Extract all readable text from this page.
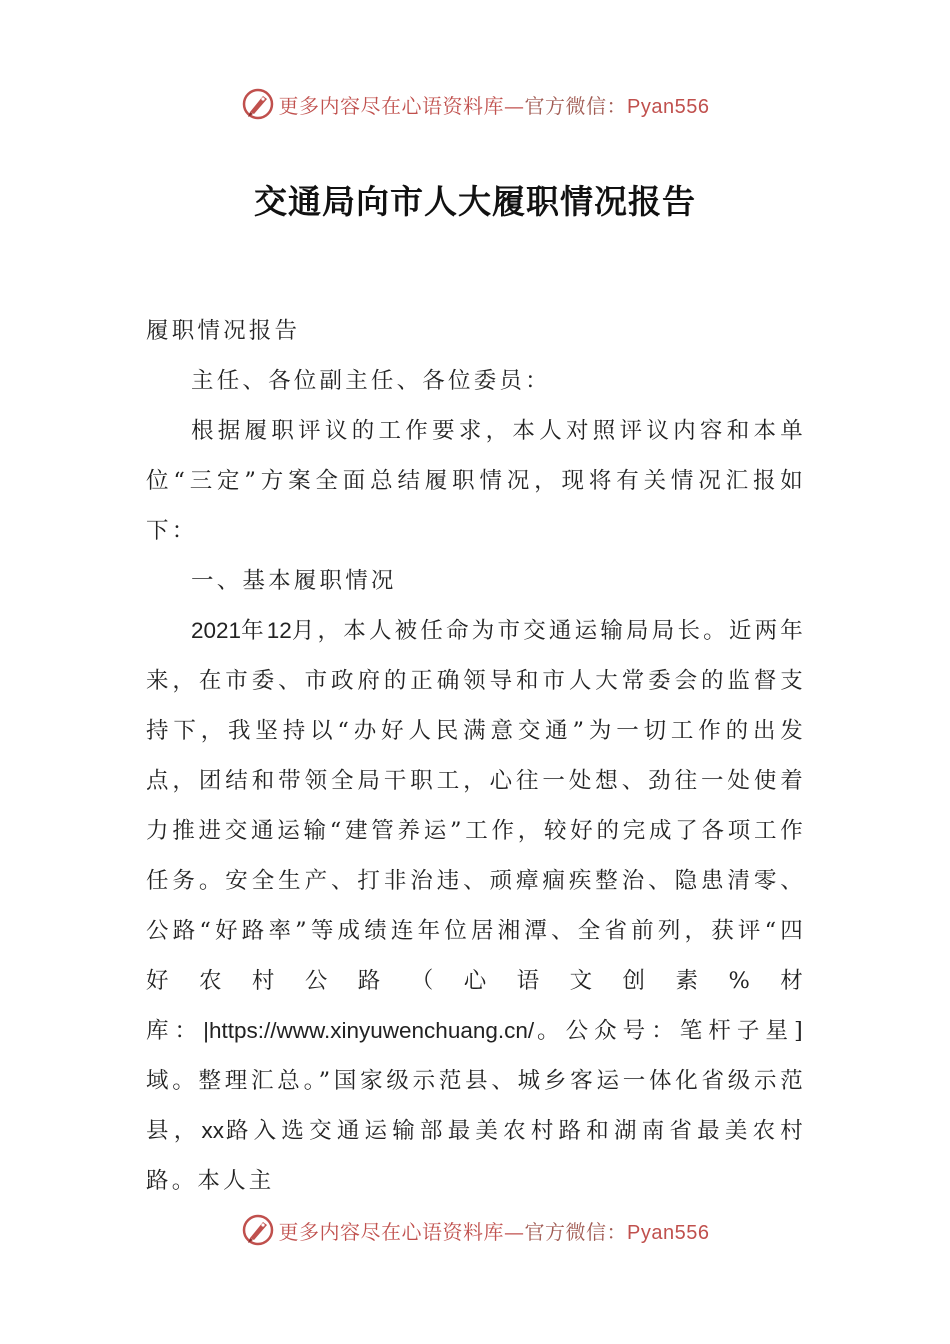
更多内容尽在心语资料库—官方微信：Pyan556
交通局向市人大履职情况报告

履职情况报告

主任、各位副主任、各位委员：

根据履职评议的工作要求，本人对照评议内容和本单位“三定”方案全面总结履职情况，现将有关情况汇报如下：

一、基本履职情况

2021年12月，本人被任命为市交通运输局局长。近两年来，在市委、市政府的正确领导和市人大常委会的监督支持下，我坚持以“办好人民满意交通”为一切工作的出发点，团结和带领全局干职工，心往一处想、劲往一处使着力推进交通运输“建管养运”工作，较好的完成了各项工作任务。安全生产、打非治违、顽瘴痼疾整治、隐患清零、公路“好路率”等成绩连年位居湘潭、全省前列，获评“四好农村公路（心语文创素%材库：|https://www.xinyuwenchuang.cn/。公众号：笔杆子星]域。整理汇总。”国家级示范县、城乡客运一体化省级示范县，xx路入选交通运输部最美农村路和湖南省最美农村路。本人主

更多内容尽在心语资料库—官方微信：Pyan556
